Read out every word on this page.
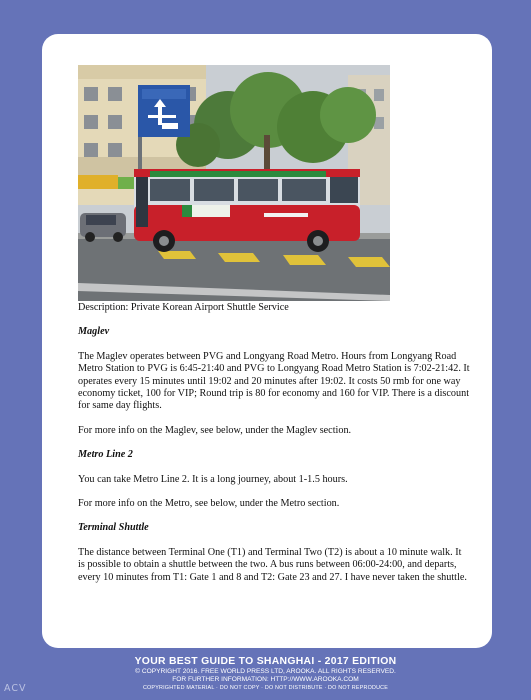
Description: Private Korean Airport Shuttle Service

Maglev

The Maglev operates between PVG and Longyang Road Metro. Hours from Longyang Road Metro Station to PVG is 6:45-21:40 and PVG to Longyang Road Metro Station is 7:02-21:42. It operates every 15 minutes until 19:02 and 20 minutes after 19:02. It costs 50 rmb for one way economy ticket, 100 for VIP; Round trip is 80 for economy and 160 for VIP. There is a discount for same day flights.

For more info on the Maglev, see below, under the Maglev section.

Metro Line 2

You can take Metro Line 2. It is a long journey, about 1-1.5 hours.

For more info on the Metro, see below, under the Metro section.

Terminal Shuttle

The distance between Terminal One (T1) and Terminal Two (T2) is about a 10 minute walk. It is possible to obtain a shuttle between the two. A bus runs between 06:00-24:00, and departs, every 10 minutes from T1: Gate 1 and 8 and T2: Gate 23 and 27. I have never taken the shuttle.

YOUR BEST GUIDE TO SHANGHAI - 2017 EDITION
© COPYRIGHT 2016. FREE WORLD PRESS LTD, AROOKA. ALL RIGHTS RESERVED.
FOR FURTHER INFORMATION: HTTP://WWW.AROOKA.COM
COPYRIGHTED MATERIAL · DO NOT COPY · DO NOT DISTRIBUTE · DO NOT REPRODUCE
ACV
